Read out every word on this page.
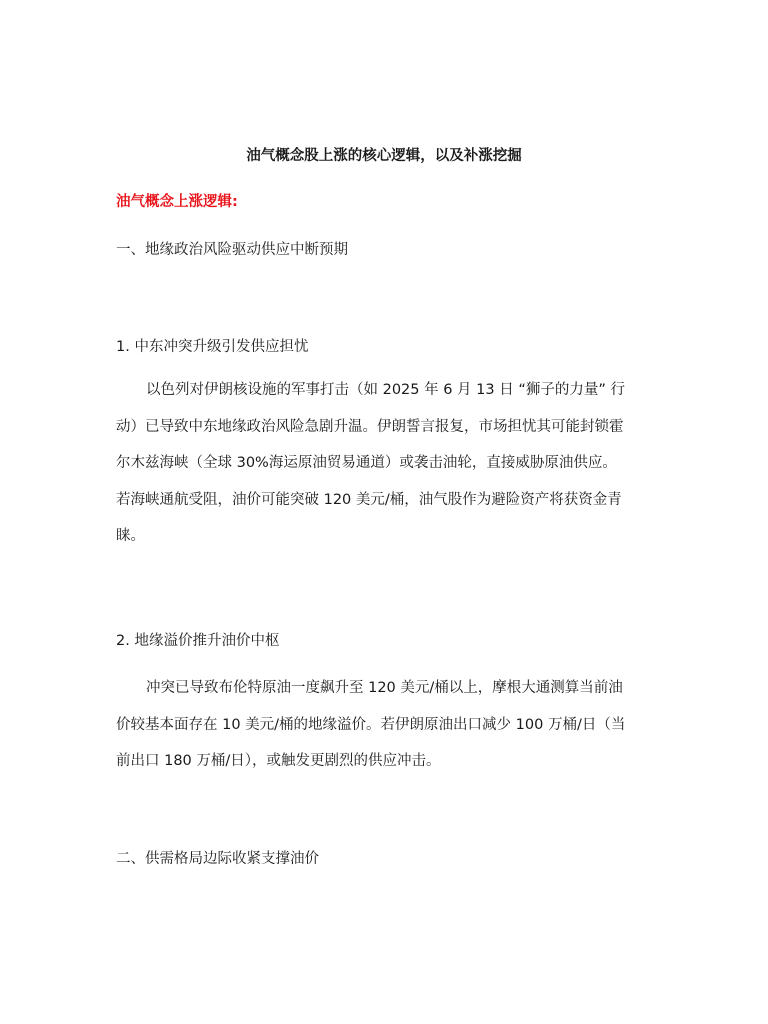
油气概念股上涨的核心逻辑，以及补涨挖掘
油气概念上涨逻辑:
一、地缘政治风险驱动供应中断预期
1. 中东冲突升级引发供应担忧
以色列对伊朗核设施的军事打击（如 2025 年 6 月 13 日 “狮子的力量” 行
动）已导致中东地缘政治风险急剧升温。伊朗誓言报复，市场担忧其可能封锁霍
尔木兹海峡（全球 30%海运原油贸易通道）或袭击油轮，直接威胁原油供应。
若海峡通航受阻，油价可能突破 120 美元/桶，油气股作为避险资产将获资金青
睐。
2. 地缘溢价推升油价中枢
冲突已导致布伦特原油一度飙升至 120 美元/桶以上，摩根大通测算当前油
价较基本面存在 10 美元/桶的地缘溢价。若伊朗原油出口减少 100 万桶/日（当
前出口 180 万桶/日），或触发更剧烈的供应冲击。
二、供需格局边际收紧支撑油价
